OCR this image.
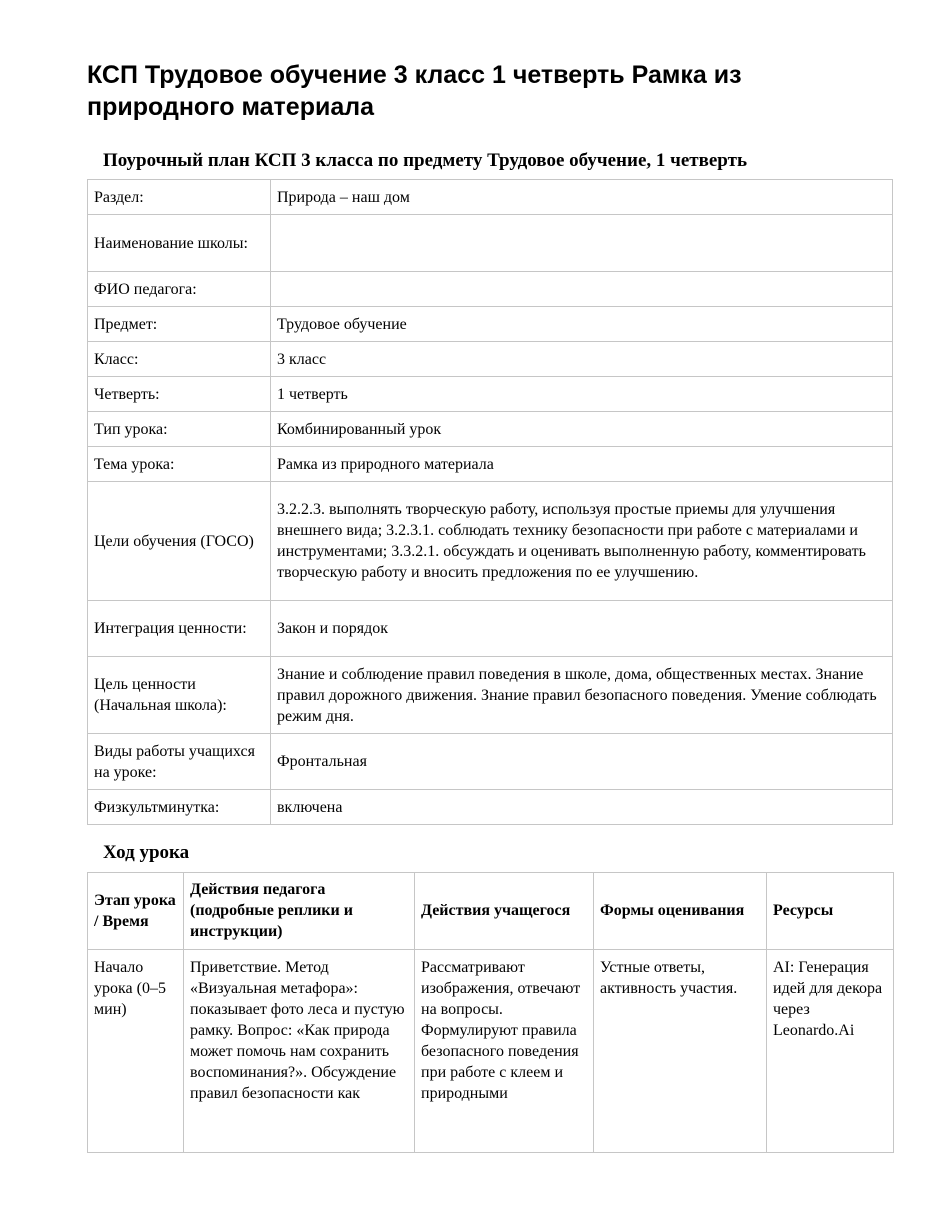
КСП Трудовое обучение 3 класс 1 четверть Рамка из природного материала
Поурочный план КСП 3 класса по предмету Трудовое обучение, 1 четверть
Раздел:	Природа – наш дом
Наименование школы:	
ФИО педагога:	
Предмет:	Трудовое обучение
Класс:	3 класс
Четверть:	1 четверть
Тип урока:	Комбинированный урок
Тема урока:	Рамка из природного материала
Цели обучения (ГОСО)	3.2.2.3. выполнять творческую работу, используя простые приемы для улучшения внешнего вида; 3.2.3.1. соблюдать технику безопасности при работе с материалами и инструментами; 3.3.2.1. обсуждать и оценивать выполненную работу, комментировать творческую работу и вносить предложения по ее улучшению.
Интеграция ценности:	Закон и порядок
Цель ценности (Начальная школа):	Знание и соблюдение правил поведения в школе, дома, общественных местах. Знание правил дорожного движения. Знание правил безопасного поведения. Умение соблюдать режим дня.
Виды работы учащихся на уроке:	Фронтальная
Физкультминутка:	включена
Ход урока
Этап урока / Время	Действия педагога (подробные реплики и инструкции)	Действия учащегося	Формы оценивания	Ресурсы
Начало урока (0–5 мин)	Приветствие. Метод «Визуальная метафора»: показывает фото леса и пустую рамку. Вопрос: «Как природа может помочь нам сохранить воспоминания?». Обсуждение правил безопасности как	Рассматривают изображения, отвечают на вопросы. Формулируют правила безопасного поведения при работе с клеем и природными	Устные ответы, активность участия.	AI: Генерация идей для декора через Leonardo.Ai
